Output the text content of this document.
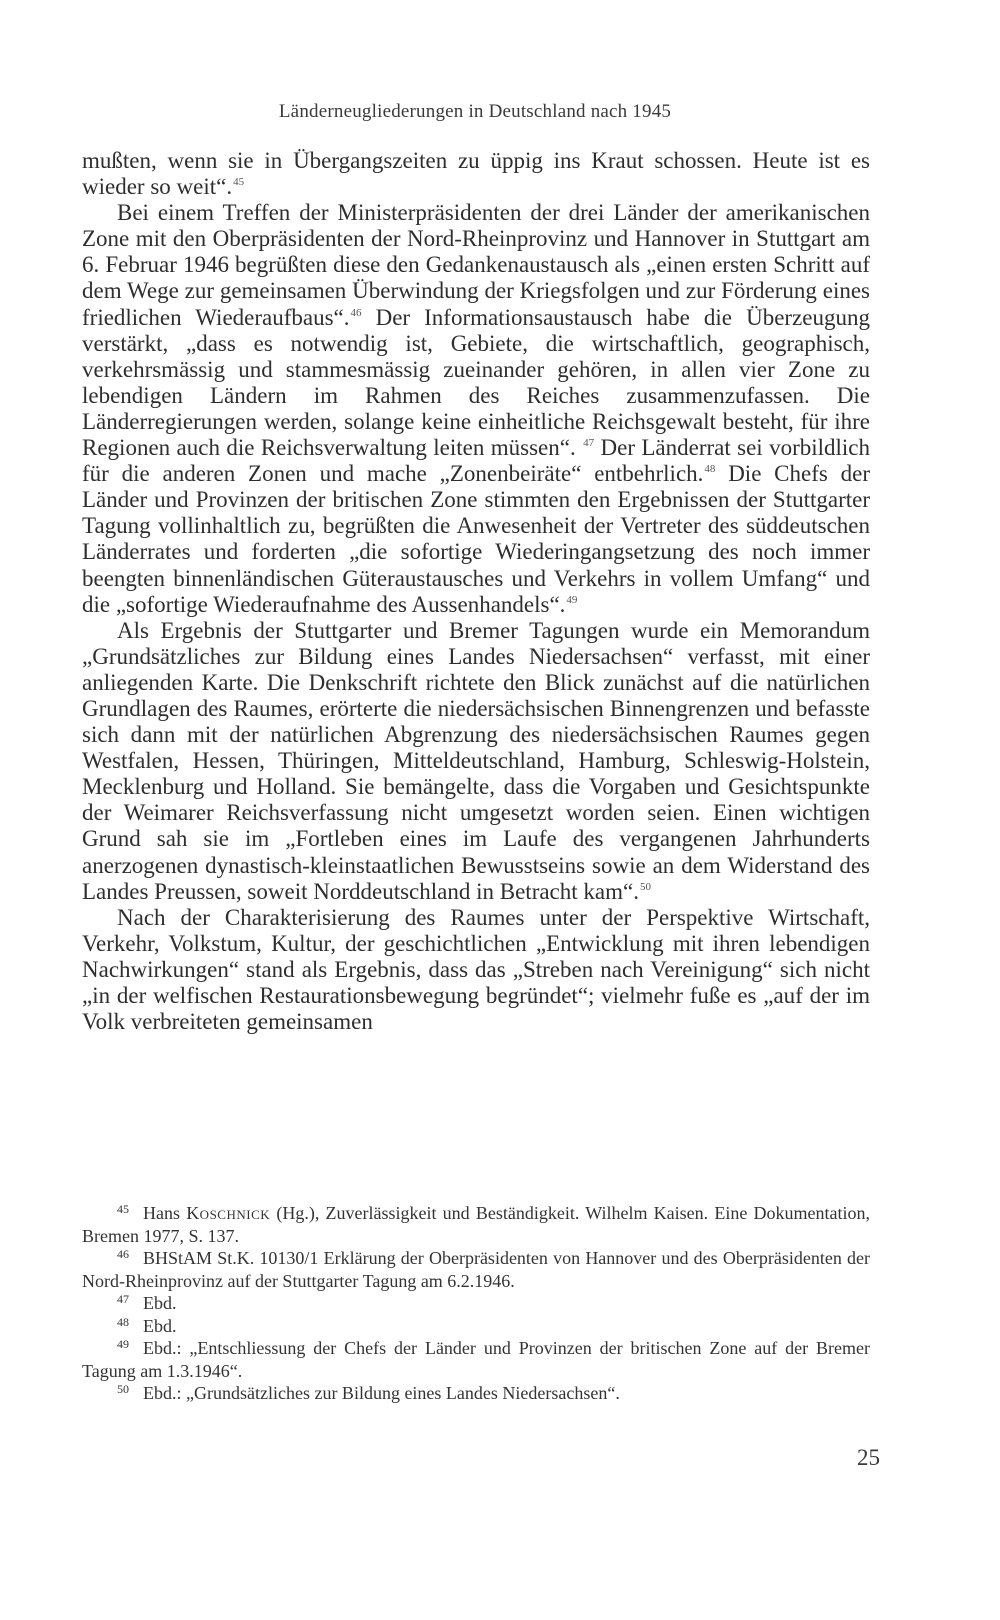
Länderneugliederungen in Deutschland nach 1945

mußten, wenn sie in Übergangszeiten zu üppig ins Kraut schossen. Heute ist es wieder so weit“.$^{45}$

Bei einem Treffen der Ministerpräsidenten der drei Länder der amerikanischen Zone mit den Oberpräsidenten der Nord-Rheinprovinz und Hannover in Stuttgart am 6. Februar 1946 begrüßten diese den Gedankenaustausch als „einen ersten Schritt auf dem Wege zur gemeinsamen Überwindung der Kriegsfolgen und zur Förderung eines friedlichen Wiederaufbaus“.$^{46}$ Der Informationsaustausch habe die Überzeugung verstärkt, „dass es notwendig ist, Gebiete, die wirtschaftlich, geographisch, verkehrsmässig und stammesmässig zueinander gehören, in allen vier Zone zu lebendigen Ländern im Rahmen des Reiches zusammenzufassen. Die Länderregierungen werden, solange keine einheitliche Reichsgewalt besteht, für ihre Regionen auch die Reichsverwaltung leiten müssen“. $^{47}$ Der Länderrat sei vorbildlich für die anderen Zonen und mache „Zonenbeiräte“ entbehrlich.$^{48}$ Die Chefs der Länder und Provinzen der britischen Zone stimmten den Ergebnissen der Stuttgarter Tagung vollinhaltlich zu, begrüßten die Anwesenheit der Vertreter des süddeutschen Länderrates und forderten „die sofortige Wiederingangsetzung des noch immer beengten binnenländischen Güteraustausches und Verkehrs in vollem Umfang“ und die „sofortige Wiederaufnahme des Aussenhandels“.$^{49}$

Als Ergebnis der Stuttgarter und Bremer Tagungen wurde ein Memorandum „Grundsätzliches zur Bildung eines Landes Niedersachsen“ verfasst, mit einer anliegenden Karte. Die Denkschrift richtete den Blick zunächst auf die natürlichen Grundlagen des Raumes, erörterte die niedersächsischen Binnengrenzen und befasste sich dann mit der natürlichen Abgrenzung des niedersächsischen Raumes gegen Westfalen, Hessen, Thüringen, Mitteldeutschland, Hamburg, Schleswig-Holstein, Mecklenburg und Holland. Sie bemängelte, dass die Vorgaben und Gesichtspunkte der Weimarer Reichsverfassung nicht umgesetzt worden seien. Einen wichtigen Grund sah sie im „Fortleben eines im Laufe des vergangenen Jahrhunderts anerzogenen dynastisch-kleinstaatlichen Bewusstseins sowie an dem Widerstand des Landes Preussen, soweit Norddeutschland in Betracht kam“.$^{50}$

Nach der Charakterisierung des Raumes unter der Perspektive Wirtschaft, Verkehr, Volkstum, Kultur, der geschichtlichen „Entwicklung mit ihren lebendigen Nachwirkungen“ stand als Ergebnis, dass das „Streben nach Vereinigung“ sich nicht „in der welfischen Restaurationsbewegung begründet“; vielmehr fuße es „auf der im Volk verbreiteten gemeinsamen

45 Hans Koschnick (Hg.), Zuverlässigkeit und Beständigkeit. Wilhelm Kaisen. Eine Dokumentation, Bremen 1977, S. 137.

46 BHStAM St.K. 10130/1 Erklärung der Oberpräsidenten von Hannover und des Oberpräsidenten der Nord-Rheinprovinz auf der Stuttgarter Tagung am 6.2.1946.

47 Ebd.

48 Ebd.

49 Ebd.: „Entschliessung der Chefs der Länder und Provinzen der britischen Zone auf der Bremer Tagung am 1.3.1946“.

50 Ebd.: „Grundsätzliches zur Bildung eines Landes Niedersachsen“.

25
